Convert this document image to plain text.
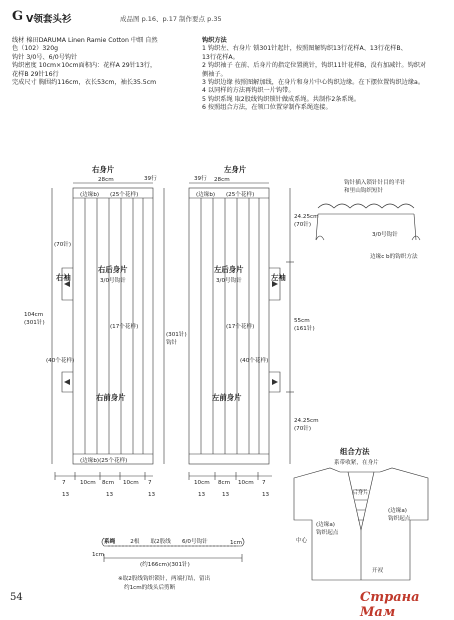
G V领套头衫	成品图 p.16、p.17 制作要点 p.35
线材 棉田DARUMA Linen Ramie Cotton 中细 自然
色（102）320g
钩针 3/0号、6/0号钩针
钩织密度 10cm×10cm面积内：花样A 29针13行，
花样B 29针16行
完成尺寸 胸围约116cm，衣长53cm，袖长35.5cm
钩织方法
1 钩织左、右身片 锁301针起针，按照图解钩织13行花样A、13行花样B、
13行花样A。
2 钩织袖子 在前、后身片的指定位置挑针，钩织11针花样B，没有加减针。钩织对
侧袖子。
3 钩织边缘 按照图解加线，在身片和身片中心钩织边缘。在下摆位置钩织边缘a。
4 以同样的方法再钩织一片钩带。
5 钩织系绳 取2股线钩织锁针做成系绳。共制作2条系绳。
6 按照组合方法，在领口位置穿制作系绳连接。
右身片
28cm	39行
(边缘b) (25个花样)
(70针)
右袖
右后身片
3/0号钩针
104cm (301针)
(301针)钩针
(40个花样)
(17个花样)
右前身片
(边缘b)(25个花样)
左身片
28cm
39行
(边缘b) (25个花样)
左后身片
3/0号钩针	左袖
24.25cm (70针)
55cm (161针)
24.25cm (70针)
(40个花样)
(17个花样)
左前身片
7	10cm 8cm 10cm 7
13	13	13
10cm 8cm 10cm 7
13	13	13
钩针插入锁针针目的半针
和里山钩织短针
3/0号钩针
边缘c b的钩织方法
组合方法
系带收紧，在身片
后身片
中心
(边缘a)
钩织起点
(边缘a)
钩织起点
开衩
系绳	2根 取2股线 6/0号钩针
1cm
1cm
(约166cm)(301针)
※取2股线钩织锁针，两端打结，留出
约1cm的线头后剪断
54	Страна Мам
